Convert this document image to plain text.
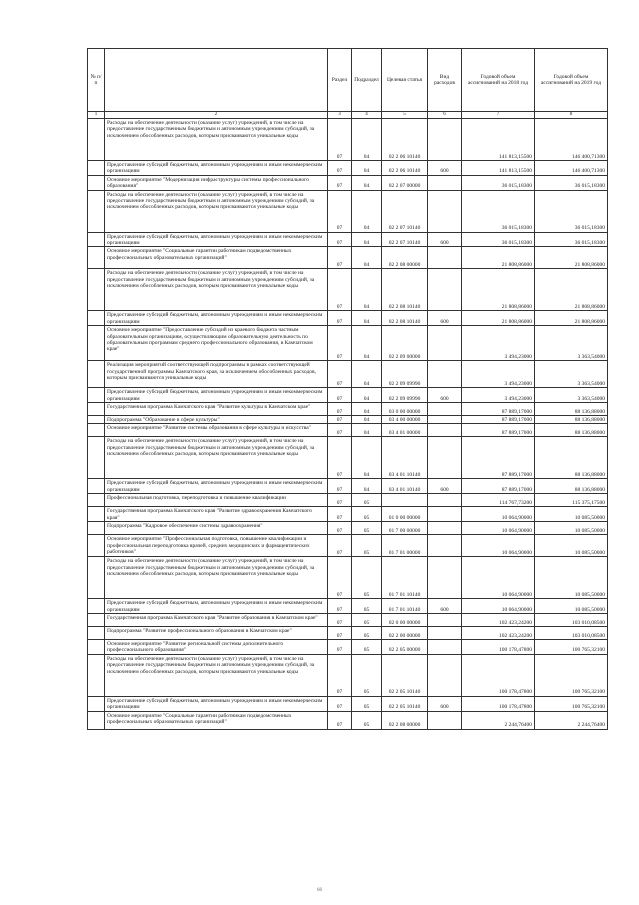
№ п/п		Раздел	Подраздел	Целевая статья	Вид расходов	Годовой объем ассигнований на 2018 год	Годовой объем ассигнований на 2019 год
1	2	3	4	5	6	7	8
	Расходы на обеспечение деятельности (оказание услуг) учреждений, в том числе на предоставление государственным бюджетным и автономным учреждениям субсидий, за исключением обособленных расходов, которым присваиваются уникальные коды	07	04	02 2 06 10140		141 813,15500	146 400,71300
	Предоставление субсидий бюджетным, автономным учреждениям и иным некоммерческим организациям	07	04	02 2 06 10140	600	141 813,15500	146 400,71300
	Основное мероприятие "Модернизация инфраструктуры системы профессионального образования"	07	04	02 2 07 00000		36 015,18300	36 015,18300
	Расходы на обеспечение деятельности (оказание услуг) учреждений, в том числе на предоставление государственным бюджетным и автономным учреждениям субсидий, за исключением обособленных расходов, которым присваиваются уникальные коды	07	04	02 2 07 10140		36 015,18300	36 015,18300
	Предоставление субсидий бюджетным, автономным учреждениям и иным некоммерческим организациям	07	04	02 2 07 10140	600	36 015,18300	36 015,18300
	Основное мероприятие "Социальные гарантии работникам подведомственных профессиональных образовательных организаций"	07	04	02 2 08 00000		21 808,86000	21 808,86000
	Расходы на обеспечение деятельности (оказание услуг) учреждений, в том числе на предоставление государственным бюджетным и автономным учреждениям субсидий, за исключением обособленных расходов, которым присваиваются уникальные коды	07	04	02 2 08 10140		21 808,86000	21 808,86000
	Предоставление субсидий бюджетным, автономным учреждениям и иным некоммерческим организациям	07	04	02 2 08 10140	600	21 808,86000	21 808,86000
	Основное мероприятие "Предоставление субсидий из краевого бюджета частным образовательным организациям, осуществляющим образовательную деятельность по образовательным программам среднего профессионального образования, в Камчатском крае"	07	04	02 2 09 00000		3 494,23000	3 363,54000
	Реализация мероприятий соответствующей подпрограммы в рамках соответствующей государственной программы Камчатского края, за исключением обособленных расходов, которым присваиваются уникальные коды	07	04	02 2 09 09990		3 494,23000	3 363,54000
	Предоставление субсидий бюджетным, автономным учреждениям и иным некоммерческим организациям	07	04	02 2 09 09990	600	3 494,23000	3 363,54000
	Государственная программа Камчатского края "Развитие культуры в Камчатском крае"	07	04	03 0 00 00000		87 889,17000	88 136,88000
	Подпрограмма "Образование в сфере культуры"	07	04	03 4 00 00000		87 889,17000	88 136,88000
	Основное мероприятие "Развитие системы образования в сфере культуры и искусства"	07	04	03 4 01 00000		87 889,17000	88 136,88000
	Расходы на обеспечение деятельности (оказание услуг) учреждений, в том числе на предоставление государственным бюджетным и автономным учреждениям субсидий, за исключением обособленных расходов, которым присваиваются уникальные коды	07	04	03 4 01 10140		87 889,17000	88 136,88000
	Предоставление субсидий бюджетным, автономным учреждениям и иным некоммерческим организациям	07	04	03 4 01 10140	600	87 889,17000	88 136,88000
	Профессиональная подготовка, переподготовка и повышение квалификации	07	05			114 767,73200	115 375,17500
	Государственная программа Камчатского края "Развитие здравоохранения Камчатского края"	07	05	01 0 00 00000		10 064,90000	10 085,50000
	Подпрограмма "Кадровое обеспечение системы здравоохранения"	07	05	01 7 00 00000		10 064,90000	10 085,50000
	Основное мероприятие "Профессиональная подготовка, повышение квалификации и профессиональная переподготовка врачей, средних медицинских и фармацевтических работников"	07	05	01 7 01 00000		10 064,90000	10 085,50000
	Расходы на обеспечение деятельности (оказание услуг) учреждений, в том числе на предоставление государственным бюджетным и автономным учреждениям субсидий, за исключением обособленных расходов, которым присваиваются уникальные коды	07	05	01 7 01 10140		10 064,90000	10 085,50000
	Предоставление субсидий бюджетным, автономным учреждениям и иным некоммерческим организациям	07	05	01 7 01 10140	600	10 064,90000	10 085,50000
	Государственная программа Камчатского края "Развитие образования в Камчатском крае"	07	05	02 0 00 00000		102 423,24200	103 010,08500
	Подпрограмма "Развитие профессионального образования в Камчатском крае"	07	05	02 2 00 00000		102 423,24200	103 010,08500
	Основное мероприятие "Развитие региональной системы дополнительного профессионального образования"	07	05	02 2 05 00000		100 178,47800	100 765,32100
	Расходы на обеспечение деятельности (оказание услуг) учреждений, в том числе на предоставление государственным бюджетным и автономным учреждениям субсидий, за исключением обособленных расходов, которым присваиваются уникальные коды	07	05	02 2 05 10140		100 178,47800	100 765,32100
	Предоставление субсидий бюджетным, автономным учреждениям и иным некоммерческим организациям	07	05	02 2 05 10140	600	100 178,47800	100 765,32100
	Основное мероприятие "Социальные гарантии работникам подведомственных профессиональных образовательных организаций"	07	05	02 2 08 00000		2 244,76400	2 244,76400
66
